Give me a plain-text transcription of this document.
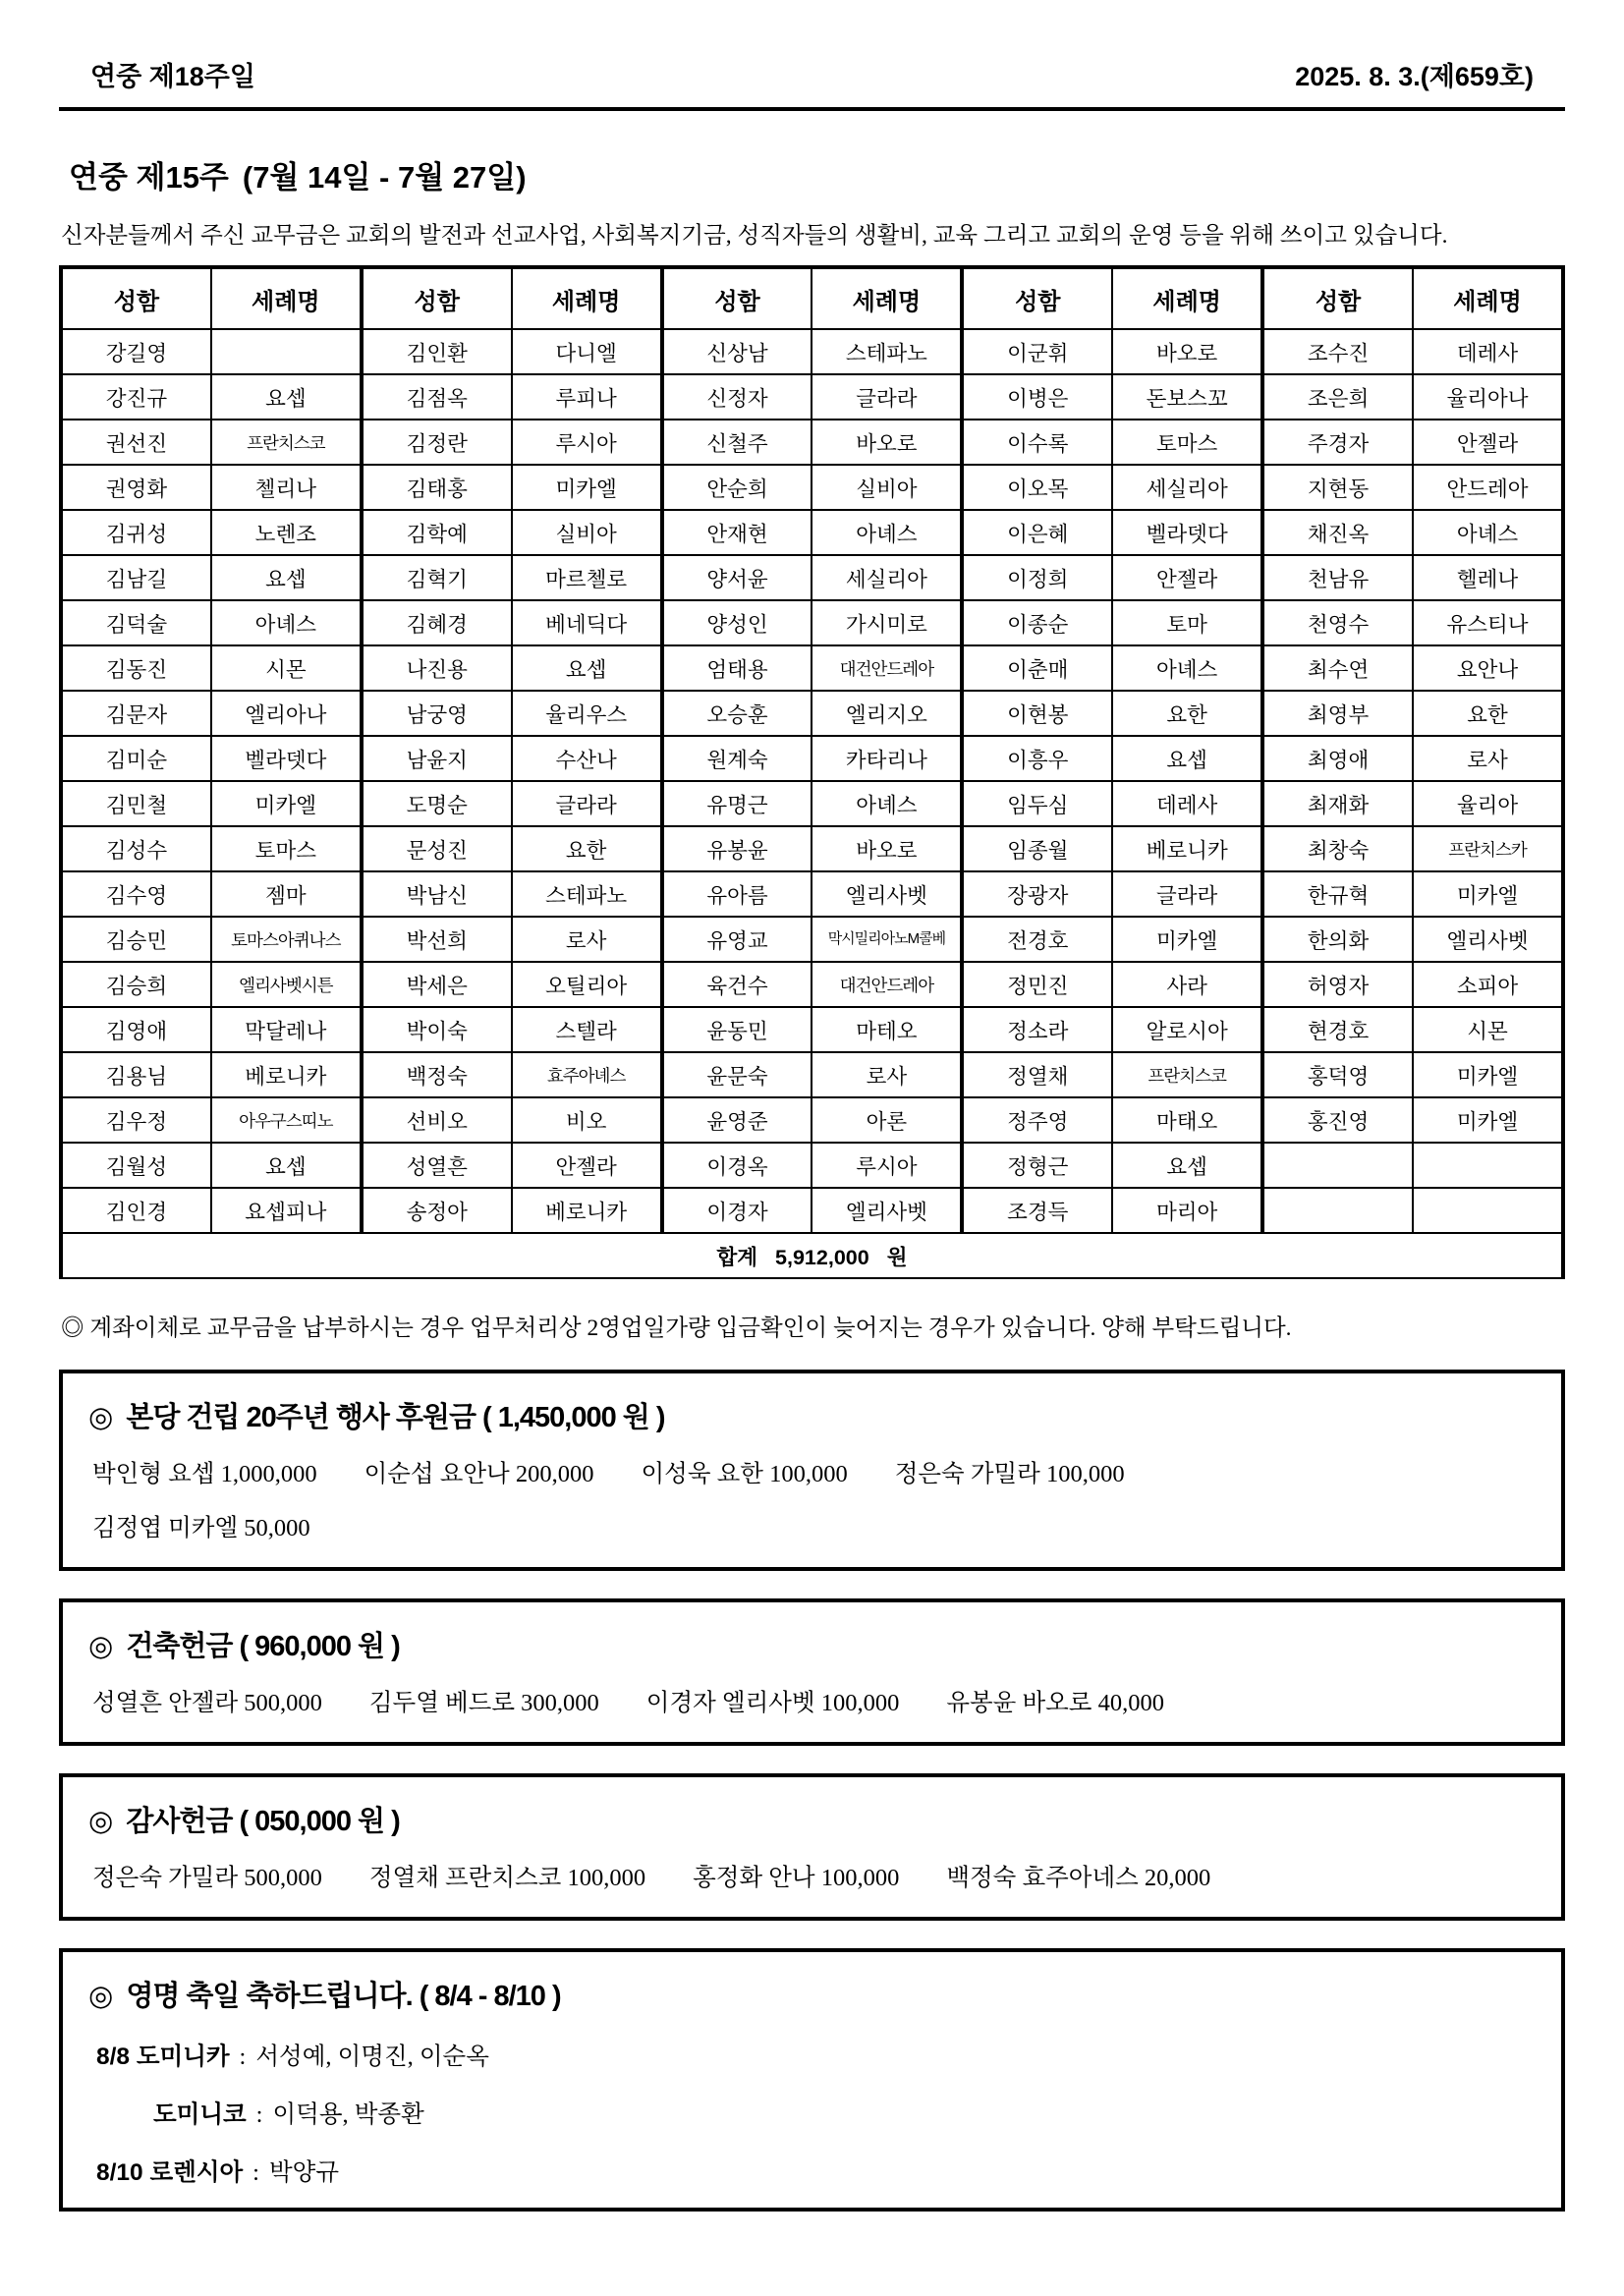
연중 제18주일	2025. 8. 3.(제659호)
연중 제15주 (7월 14일 - 7월 27일)
신자분들께서 주신 교무금은 교회의 발전과 선교사업, 사회복지기금, 성직자들의 생활비, 교육 그리고 교회의 운영 등을 위해 쓰이고 있습니다.
성함	세례명	성함	세례명	성함	세례명	성함	세례명	성함	세례명
강길영		김인환	다니엘	신상남	스테파노	이군휘	바오로	조수진	데레사
강진규	요셉	김점옥	루피나	신정자	글라라	이병은	돈보스꼬	조은희	율리아나
권선진	프란치스코	김정란	루시아	신철주	바오로	이수록	토마스	주경자	안젤라
권영화	첼리나	김태홍	미카엘	안순희	실비아	이오목	세실리아	지현동	안드레아
김귀성	노렌조	김학예	실비아	안재현	아녜스	이은혜	벨라뎃다	채진옥	아녜스
김남길	요셉	김혁기	마르첼로	양서윤	세실리아	이정희	안젤라	천남유	헬레나
김덕술	아녜스	김혜경	베네딕다	양성인	가시미로	이종순	토마	천영수	유스티나
김동진	시몬	나진용	요셉	엄태용	대건안드레아	이춘매	아녜스	최수연	요안나
김문자	엘리아나	남궁영	율리우스	오승훈	엘리지오	이현봉	요한	최영부	요한
김미순	벨라뎃다	남윤지	수산나	원계숙	카타리나	이흥우	요셉	최영애	로사
김민철	미카엘	도명순	글라라	유명근	아녜스	임두심	데레사	최재화	율리아
김성수	토마스	문성진	요한	유봉윤	바오로	임종월	베로니카	최창숙	프란치스카
김수영	젬마	박남신	스테파노	유아름	엘리사벳	장광자	글라라	한규혁	미카엘
김승민	토마스아퀴나스	박선희	로사	유영교	막시밀리아노M콜베	전경호	미카엘	한의화	엘리사벳
김승희	엘리사벳시튼	박세은	오틸리아	육건수	대건안드레아	정민진	사라	허영자	소피아
김영애	막달레나	박이숙	스텔라	윤동민	마테오	정소라	알로시아	현경호	시몬
김용님	베로니카	백정숙	효주아녜스	윤문숙	로사	정열채	프란치스코	홍덕영	미카엘
김우정	아우구스띠노	선비오	비오	윤영준	아론	정주영	마태오	홍진영	미카엘
김월성	요셉	성열흔	안젤라	이경옥	루시아	정형근	요셉		
김인경	요셉피나	송정아	베로니카	이경자	엘리사벳	조경득	마리아		
합계 5,912,000 원									
◎ 계좌이체로 교무금을 납부하시는 경우 업무처리상 2영업일가량 입금확인이 늦어지는 경우가 있습니다. 양해 부탁드립니다.
◎ 본당 건립 20주년 행사 후원금 ( 1,450,000 원 )
박인형 요셉 1,000,000 이순섭 요안나 200,000 이성욱 요한 100,000 정은숙 가밀라 100,000
김정엽 미카엘 50,000
◎ 건축헌금 ( 960,000 원 )
성열흔 안젤라 500,000 김두열 베드로 300,000 이경자 엘리사벳 100,000 유봉윤 바오로 40,000
◎ 감사헌금 ( 050,000 원 )
정은숙 가밀라 500,000 정열채 프란치스코 100,000 홍정화 안나 100,000 백정숙 효주아네스 20,000
◎ 영명 축일 축하드립니다. ( 8/4 - 8/10 )
8/8 도미니카 : 서성예, 이명진, 이순옥
도미니코 : 이덕용, 박종환
8/10 로렌시아 : 박양규
